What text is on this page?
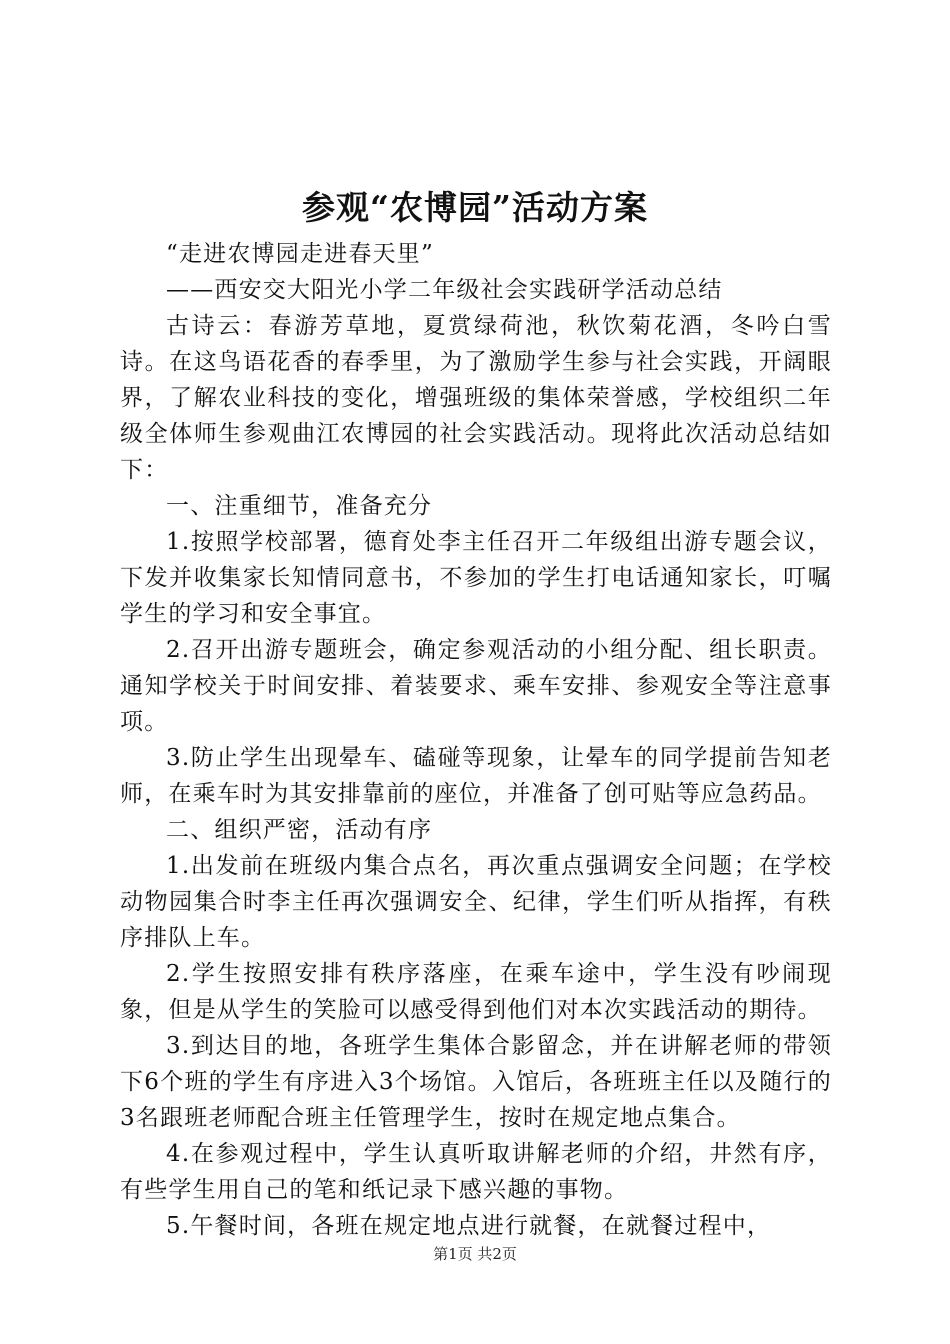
参观“农博园”活动方案

“走进农博园走进春天里”

——西安交大阳光小学二年级社会实践研学活动总结

古诗云：春游芳草地，夏赏绿荷池，秋饮菊花酒，冬吟白雪诗。在这鸟语花香的春季里，为了激励学生参与社会实践，开阔眼界，了解农业科技的变化，增强班级的集体荣誉感，学校组织二年级全体师生参观曲江农博园的社会实践活动。现将此次活动总结如下：

一、注重细节，准备充分

1.按照学校部署，德育处李主任召开二年级组出游专题会议，下发并收集家长知情同意书，不参加的学生打电话通知家长，叮嘱学生的学习和安全事宜。

2.召开出游专题班会，确定参观活动的小组分配、组长职责。通知学校关于时间安排、着装要求、乘车安排、参观安全等注意事项。

3.防止学生出现晕车、磕碰等现象，让晕车的同学提前告知老师，在乘车时为其安排靠前的座位，并准备了创可贴等应急药品。

二、组织严密，活动有序

1.出发前在班级内集合点名，再次重点强调安全问题；在学校动物园集合时李主任再次强调安全、纪律，学生们听从指挥，有秩序排队上车。

2.学生按照安排有秩序落座，在乘车途中，学生没有吵闹现象，但是从学生的笑脸可以感受得到他们对本次实践活动的期待。

3.到达目的地，各班学生集体合影留念，并在讲解老师的带领下6个班的学生有序进入3个场馆。入馆后，各班班主任以及随行的3名跟班老师配合班主任管理学生，按时在规定地点集合。

4.在参观过程中，学生认真听取讲解老师的介绍，井然有序，有些学生用自己的笔和纸记录下感兴趣的事物。

5.午餐时间，各班在规定地点进行就餐，在就餐过程中，

第1页 共2页
